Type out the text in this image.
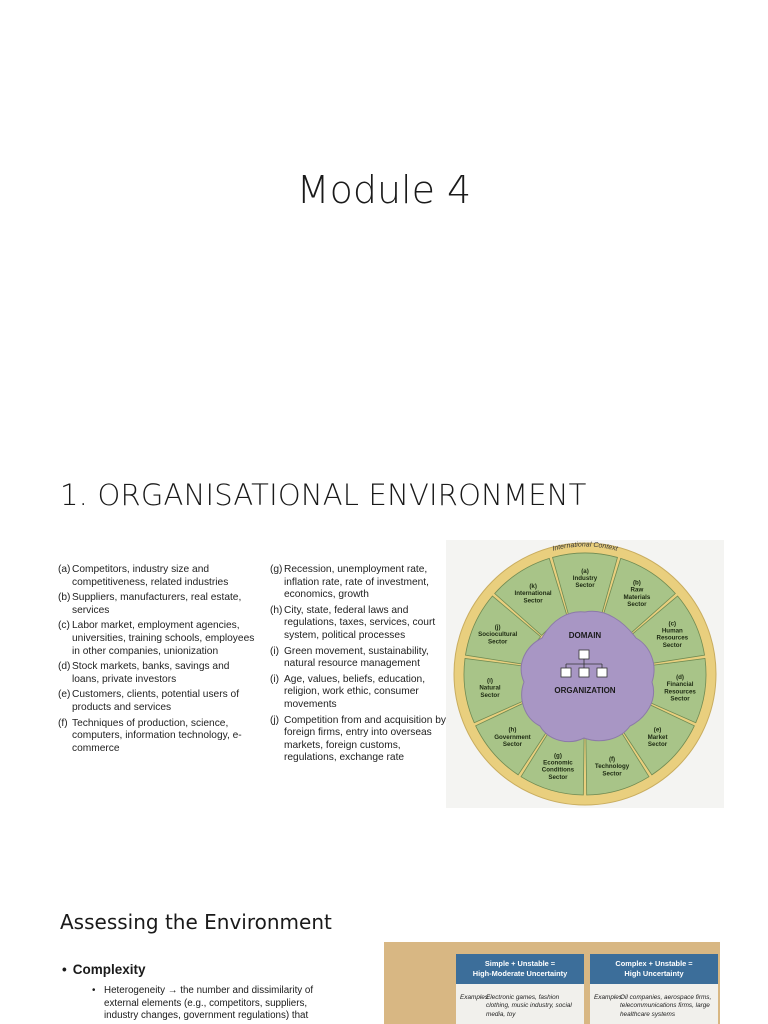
Module 4
1. ORGANISATIONAL ENVIRONMENT
(a) Competitors, industry size and competitiveness, related industries
(b) Suppliers, manufacturers, real estate, services
(c) Labor market, employment agencies, universities, training schools, employees in other companies, unionization
(d) Stock markets, banks, savings and loans, private investors
(e) Customers, clients, potential users of products and services
(f) Techniques of production, science, computers, information technology, e-commerce
(g) Recession, unemployment rate, inflation rate, rate of investment, economics, growth
(h) City, state, federal laws and regulations, taxes, services, court system, political processes
(i) Green movement, sustainability, natural resource management
(i) Age, values, beliefs, education, religion, work ethic, consumer movements
(j) Competition from and acquisition by foreign firms, entry into overseas markets, foreign customs, regulations, exchange rate
International Context
(a) Industry Sector	(b) Raw Materials Sector
(c) Human Resources Sector
(d) Financial Resources Sector
(e) Market Sector
(f) Technology Sector
(g) Economic Conditions Sector
(h) Government Sector
(i) Natural Sector
(j) Sociocultural Sector
(k) International Sector
DOMAIN
ORGANIZATION
Assessing the Environment
• Complexity
• Heterogeneity → the number and dissimilarity of external elements (e.g., competitors, suppliers, industry changes, government regulations) that
Simple + Unstable =
High-Moderate Uncertainty
Examples:
Electronic games, fashion clothing, music industry, social media, toy
Complex + Unstable =
High Uncertainty
Examples:
Oil companies, aerospace firms, telecommunications firms, large healthcare systems
